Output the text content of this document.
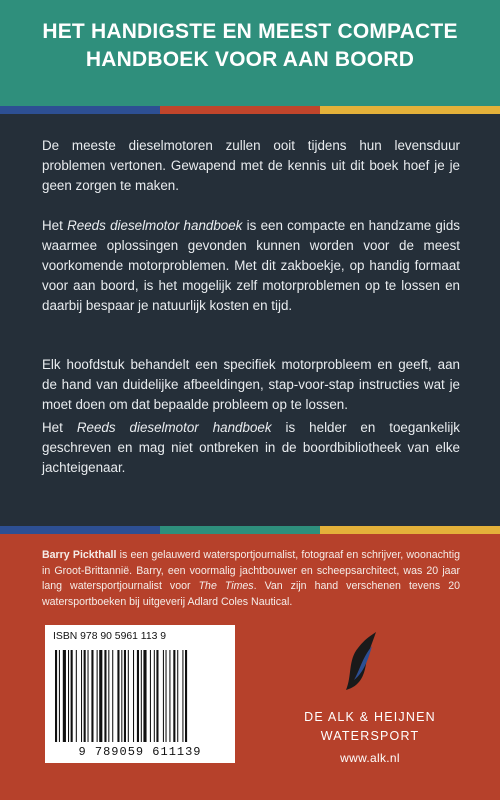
HET HANDIGSTE EN MEEST COMPACTE
HANDBOEK VOOR AAN BOORD
De meeste dieselmotoren zullen ooit tijdens hun levensduur problemen vertonen. Gewapend met de kennis uit dit boek hoef je je geen zorgen te maken.
Het Reeds dieselmotor handboek is een compacte en handzame gids waarmee oplossingen gevonden kunnen worden voor de meest voorkomende motorproblemen. Met dit zakboekje, op handig formaat voor aan boord, is het mogelijk zelf motorproblemen op te lossen en daarbij bespaar je natuurlijk kosten en tijd.
Elk hoofdstuk behandelt een specifiek motorprobleem en geeft, aan de hand van duidelijke afbeeldingen, stap-voor-stap instructies wat je moet doen om dat bepaalde probleem op te lossen.
Het Reeds dieselmotor handboek is helder en toegankelijk geschreven en mag niet ontbreken in de boordbibliotheek van elke jachteigenaar.
Barry Pickthall is een gelauwerd watersportjournalist, fotograaf en schrijver, woonachtig in Groot-Brittannië. Barry, een voormalig jachtbouwer en scheepsarchitect, was 20 jaar lang watersportjournalist voor The Times. Van zijn hand verschenen tevens 20 watersportboeken bij uitgeverij Adlard Coles Nautical.
ISBN 978 90 5961 113 9
9 789059 611139
DE ALK & HEIJNEN
WATERSPORT
www.alk.nl
